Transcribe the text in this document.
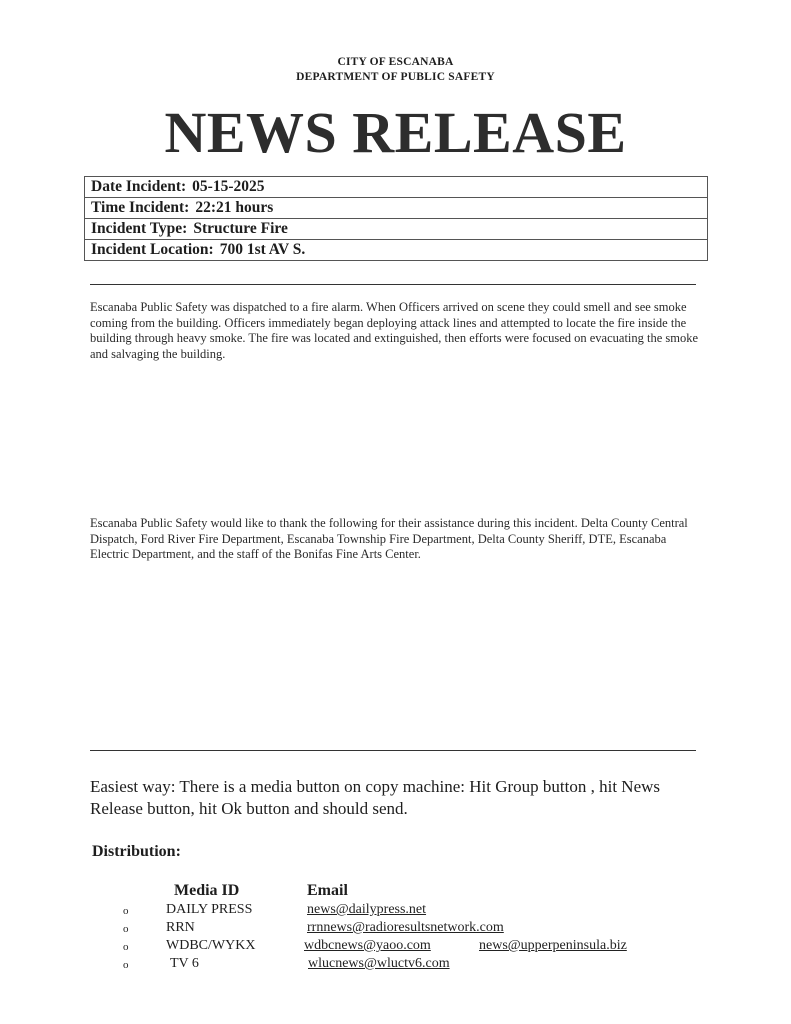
CITY OF ESCANABA
DEPARTMENT OF PUBLIC SAFETY
NEWS RELEASE
Date Incident: 05-15-2025
Time Incident: 22:21 hours
Incident Type: Structure Fire
Incident Location: 700 1st AV S.
Escanaba Public Safety was dispatched to a fire alarm. When Officers arrived on scene they could smell and see smoke coming from the building. Officers immediately began deploying attack lines and attempted to locate the fire inside the building through heavy smoke. The fire was located and extinguished, then efforts were focused on evacuating the smoke and salvaging the building.
Escanaba Public Safety would like to thank the following for their assistance during this incident. Delta County Central Dispatch, Ford River Fire Department, Escanaba Township Fire Department, Delta County Sheriff, DTE, Escanaba Electric Department, and the staff of the Bonifas Fine Arts Center.
Easiest way: There is a media button on copy machine: Hit Group button , hit News Release button, hit Ok button and should send.
Distribution:
Media ID	Email
o	DAILY PRESS	news@dailypress.net
o	RRN	rrnnews@radioresultsnetwork.com
o	WDBC/WYKX	wdbcnews@yaoo.com	news@upperpeninsula.biz
o	TV 6	wlucnews@wluctv6.com
